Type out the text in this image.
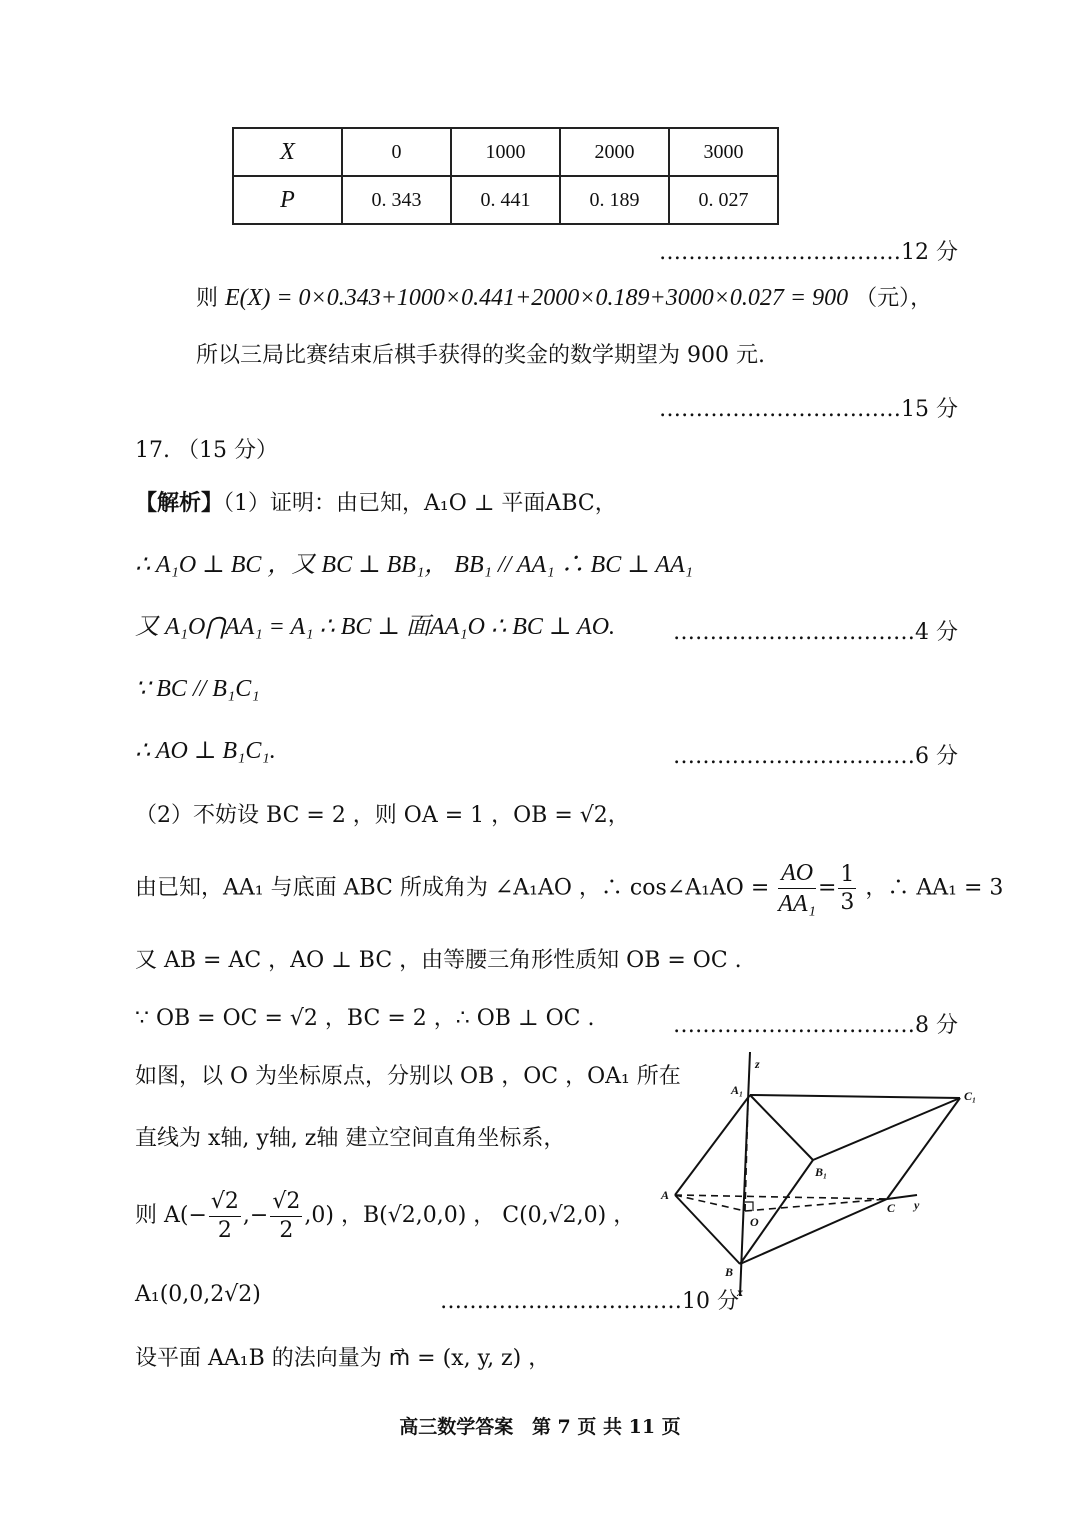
X	0	1000	2000	3000
P	0. 343	0. 441	0. 189	0. 027
……………………………12 分
则 E(X) = 0×0.343+1000×0.441+2000×0.189+3000×0.027 = 900 （元），
所以三局比赛结束后棋手获得的奖金的数学期望为 900 元.
……………………………15 分
17. （15 分）
【解析】（1）证明：由已知，A₁O ⊥ 平面ABC，
∴ A₁O ⊥ BC ，又 BC ⊥ BB₁， BB₁ // AA₁ ∴ BC ⊥ AA₁
又 A₁O⋂AA₁ = A₁ ∴ BC ⊥ 面AA₁O ∴ BC ⊥ AO.	……………………………4 分
∵ BC // B₁C₁
∴ AO ⊥ B₁C₁.	……………………………6 分
（2）不妨设 BC = 2 ，则 OA = 1 ，OB = √2，
由已知，AA₁ 与底面 ABC 所成角为 ∠A₁AO ，∴ cos∠A₁AO = $\frac{AO}{\text{AA₁}} = \frac{1}{3}$ ，∴ AA₁ = 3
又 AB = AC ，AO ⊥ BC ，由等腰三角形性质知 OB = OC .
∵ OB = OC = √2 ，BC = 2 ，∴ OB ⊥ OC .	……………………………8 分
如图，以 O 为坐标原点，分别以 OB ，OC ，OA₁ 所在
直线为 x轴, y轴, z轴 建立空间直角坐标系，
则 $A(- \frac{√2}{2}$ ,− $\frac{√2}{2} ,0$) ，B(√2,0,0) ， C(0,√2,0) ，
A₁(0,0,2√2)	……………………………10 分
设平面 AA₁B 的法向量为 m⃗ = (x, y, z) ，
z
A₁	C₁
B₁
A
O
C y
B
x
高三数学答案 第 7 页 共 11 页
